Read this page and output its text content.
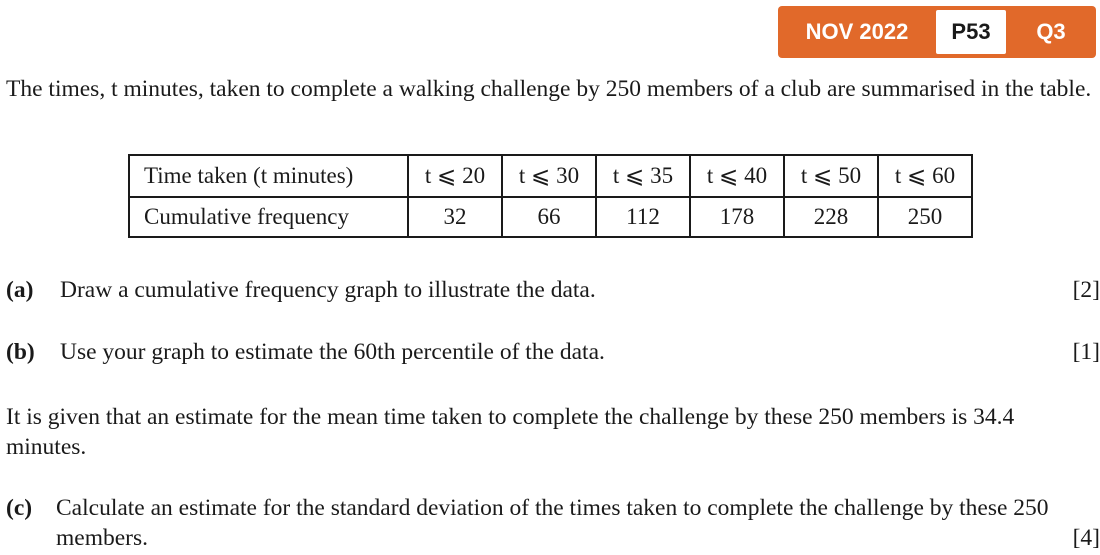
NOV 2022	P53	Q3

The times, t minutes, taken to complete a walking challenge by 250 members of a club are summarised in the table.

Time taken (t minutes)	t ⩽ 20	t ⩽ 30	t ⩽ 35	t ⩽ 40	t ⩽ 50	t ⩽ 60
Cumulative frequency	32	66	112	178	228	250
(a) Draw a cumulative frequency graph to illustrate the data.	[2]
(b) Use your graph to estimate the 60th percentile of the data.	[1]

It is given that an estimate for the mean time taken to complete the challenge by these 250 members is 34.4 minutes.

(c) Calculate an estimate for the standard deviation of the times taken to complete the challenge by these 250 members.	[4]
